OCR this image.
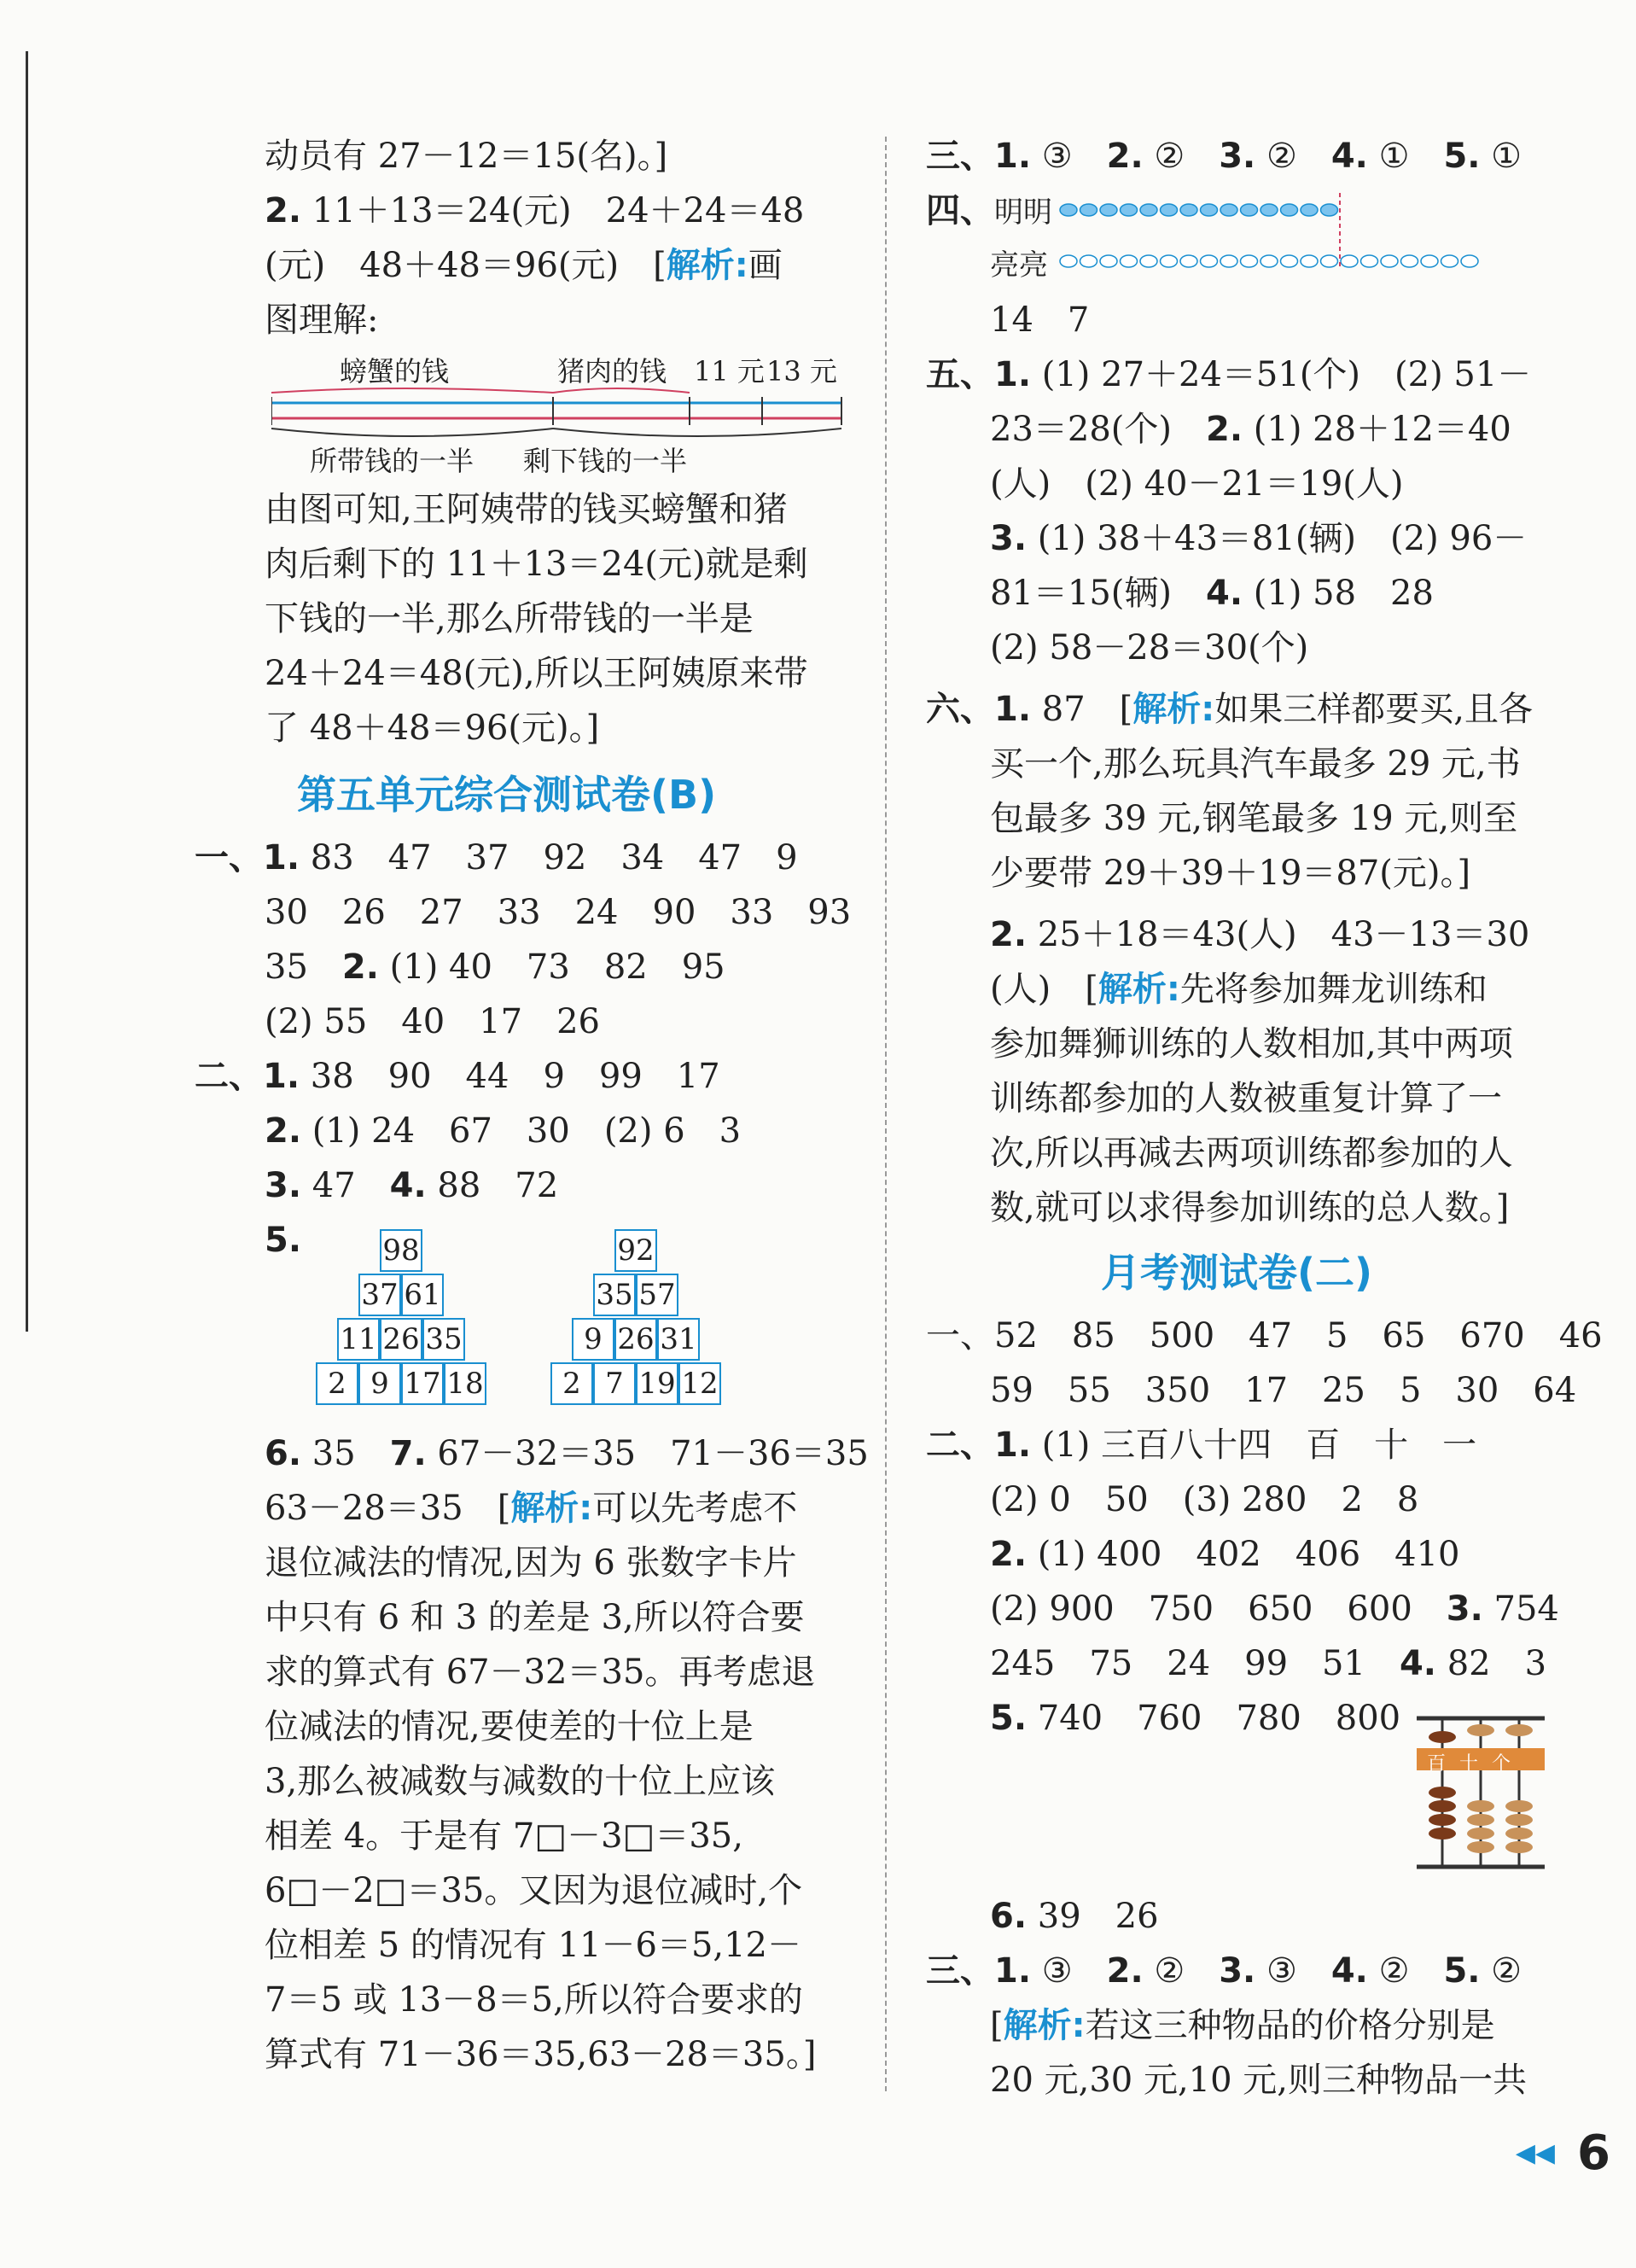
动员有 27－12＝15(名)。]
2. 11＋13＝24(元)　24＋24＝48
(元)　48＋48＝96(元)　[解析:画
图理解:
螃蟹的钱	猪肉的钱 11 元 13 元
所带钱的一半 剩下钱的一半
由图可知,王阿姨带的钱买螃蟹和猪
肉后剩下的 11＋13＝24(元)就是剩
下钱的一半,那么所带钱的一半是
24＋24＝48(元),所以王阿姨原来带
了 48＋48＝96(元)。]
第五单元综合测试卷(B)
一、1. 83　47　37　92　34　47　9
30　26　27　33　24　90　33　93
35　2. (1) 40　73　82　95
(2) 55　40　17　26
二、1. 38　90　44　9　99　17
2. (1) 24　67　30　(2) 6　3
3. 47　4. 88　72
5.	98
37 61
11 26 35
2 9 17 18
92
35 57
9 26 31
2 7 19 12
6. 35　7. 67－32＝35　71－36＝35
63－28＝35　[解析:可以先考虑不
退位减法的情况,因为 6 张数字卡片
中只有 6 和 3 的差是 3,所以符合要
求的算式有 67－32＝35。再考虑退
位减法的情况,要使差的十位上是
3,那么被减数与减数的十位上应该
相差 4。于是有 7□－3□＝35,
6□－2□＝35。又因为退位减时,个
位相差 5 的情况有 11－6＝5,12－
7＝5 或 13－8＝5,所以符合要求的
算式有 71－36＝35,63－28＝35。]
三、1. ③　2. ②　3. ②　4. ①　5. ①
四、明明
亮亮
14　7
五、1. (1) 27＋24＝51(个)　(2) 51－
23＝28(个)　2. (1) 28＋12＝40
(人)　(2) 40－21＝19(人)
3. (1) 38＋43＝81(辆)　(2) 96－
81＝15(辆)　4. (1) 58　28
(2) 58－28＝30(个)
六、1. 87　[解析:如果三样都要买,且各
买一个,那么玩具汽车最多 29 元,书
包最多 39 元,钢笔最多 19 元,则至
少要带 29＋39＋19＝87(元)。]
2. 25＋18＝43(人)　43－13＝30
(人)　[解析:先将参加舞龙训练和
参加舞狮训练的人数相加,其中两项
训练都参加的人数被重复计算了一
次,所以再减去两项训练都参加的人
数,就可以求得参加训练的总人数。]
月考测试卷(二)
一、52　85　500　47　5　65　670　46
59　55　350　17　25　5　30　64
二、1. (1) 三百八十四　百　十　一
(2) 0　50　(3) 280　2　8
2. (1) 400　402　406　410
(2) 900　750　650　600　3. 754
245　75　24　99　51　4. 82　3
5. 740　760　780　800
百十个
6. 39　26
三、1. ③　2. ②　3. ③　4. ②　5. ②
[解析:若这三种物品的价格分别是
20 元,30 元,10 元,则三种物品一共
◀◀ 6
